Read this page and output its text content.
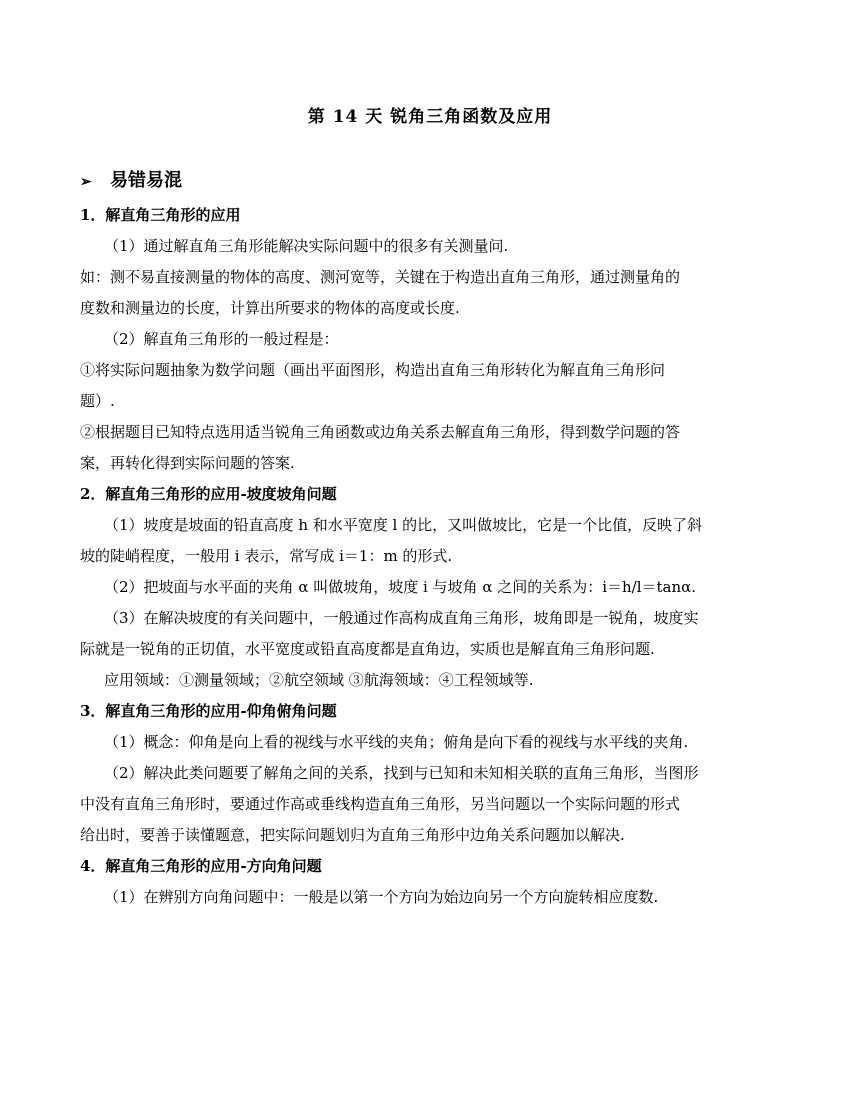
第 14 天 锐角三角函数及应用
➢ 易错易混
1．解直角三角形的应用
（1）通过解直角三角形能解决实际问题中的很多有关测量问.
如：测不易直接测量的物体的高度、测河宽等，关键在于构造出直角三角形，通过测量角的
度数和测量边的长度，计算出所要求的物体的高度或长度.
（2）解直角三角形的一般过程是：
①将实际问题抽象为数学问题（画出平面图形，构造出直角三角形转化为解直角三角形问
题）.
②根据题目已知特点选用适当锐角三角函数或边角关系去解直角三角形，得到数学问题的答
案，再转化得到实际问题的答案.
2．解直角三角形的应用-坡度坡角问题
（1）坡度是坡面的铅直高度 h 和水平宽度 l 的比，又叫做坡比，它是一个比值，反映了斜
坡的陡峭程度，一般用 i 表示，常写成 i＝1：m 的形式.
（2）把坡面与水平面的夹角 α 叫做坡角，坡度 i 与坡角 α 之间的关系为：i＝h/l＝tanα.
（3）在解决坡度的有关问题中，一般通过作高构成直角三角形，坡角即是一锐角，坡度实
际就是一锐角的正切值，水平宽度或铅直高度都是直角边，实质也是解直角三角形问题.
应用领域：①测量领域；②航空领域 ③航海领域：④工程领域等.
3．解直角三角形的应用-仰角俯角问题
（1）概念：仰角是向上看的视线与水平线的夹角；俯角是向下看的视线与水平线的夹角.
（2）解决此类问题要了解角之间的关系，找到与已知和未知相关联的直角三角形，当图形
中没有直角三角形时，要通过作高或垂线构造直角三角形，另当问题以一个实际问题的形式
给出时，要善于读懂题意，把实际问题划归为直角三角形中边角关系问题加以解决.
4．解直角三角形的应用-方向角问题
（1）在辨别方向角问题中：一般是以第一个方向为始边向另一个方向旋转相应度数.
